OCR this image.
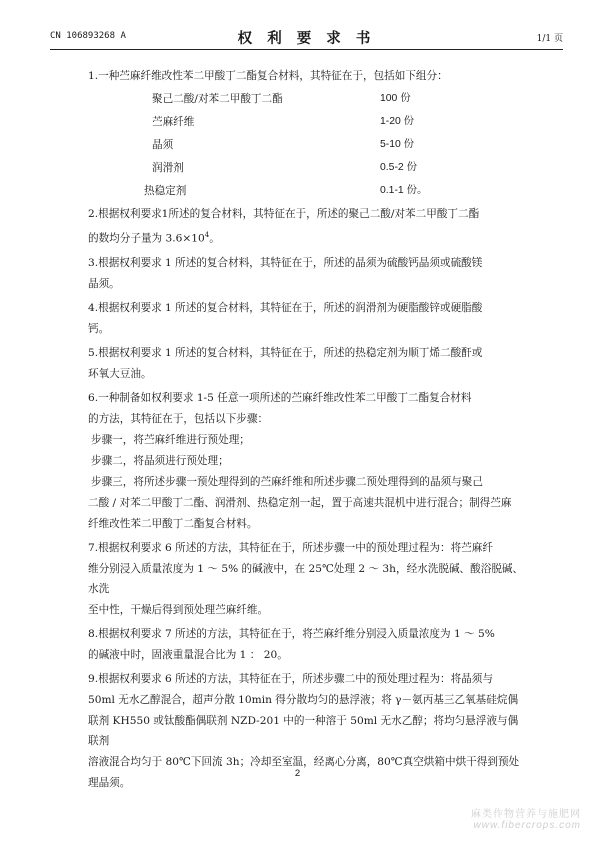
CN 106893268 A	权 利 要 求 书	1/1 页
1.一种苎麻纤维改性苯二甲酸丁二酯复合材料，其特征在于，包括如下组分：
聚己二酸/对苯二甲酸丁二酯	100 份
苎麻纤维	1-20 份
晶须	5-10 份
润滑剂	0.5-2 份
热稳定剂	0.1-1 份。
2.根据权利要求1所述的复合材料，其特征在于，所述的聚己二酸/对苯二甲酸丁二酯
的数均分子量为 $3.6\times 10^4$。
3.根据权利要求 1 所述的复合材料，其特征在于，所述的晶须为硫酸钙晶须或硫酸镁
晶须。
4.根据权利要求 1 所述的复合材料，其特征在于，所述的润滑剂为硬脂酸锌或硬脂酸
钙。
5.根据权利要求 1 所述的复合材料，其特征在于，所述的热稳定剂为顺丁烯二酸酐或
环氧大豆油。
6.一种制备如权利要求 1-5 任意一项所述的苎麻纤维改性苯二甲酸丁二酯复合材料
的方法，其特征在于，包括以下步骤：
步骤一，将苎麻纤维进行预处理；
步骤二，将晶须进行预处理；
步骤三，将所述步骤一预处理得到的苎麻纤维和所述步骤二预处理得到的晶须与聚己
二酸 / 对苯二甲酸丁二酯、润滑剂、热稳定剂一起，置于高速共混机中进行混合；制得苎麻
纤维改性苯二甲酸丁二酯复合材料。
7.根据权利要求 6 所述的方法，其特征在于，所述步骤一中的预处理过程为：将苎麻纤
维分别浸入质量浓度为 1 ～ 5% 的碱液中，在 25℃处理 2 ～ 3h，经水洗脱碱、酸浴脱碱、水洗
至中性，干燥后得到预处理苎麻纤维。
8.根据权利要求 7 所述的方法，其特征在于，将苎麻纤维分别浸入质量浓度为 1 ～ 5%
的碱液中时，固液重量混合比为 1 ： 20。
9.根据权利要求 6 所述的方法，其特征在于，所述步骤二中的预处理过程为：将晶须与
50ml 无水乙醇混合，超声分散 10min 得分散均匀的悬浮液；将 γ－氨丙基三乙氧基硅烷偶
联剂 KH550 或钛酸酯偶联剂 NZD-201 中的一种溶于 50ml 无水乙醇；将均匀悬浮液与偶联剂
溶液混合均匀于 80℃下回流 3h；冷却至室温，经离心分离，80℃真空烘箱中烘干得到预处
理晶须。
2
麻类作物营养与施肥网
www.fibercrops.com
